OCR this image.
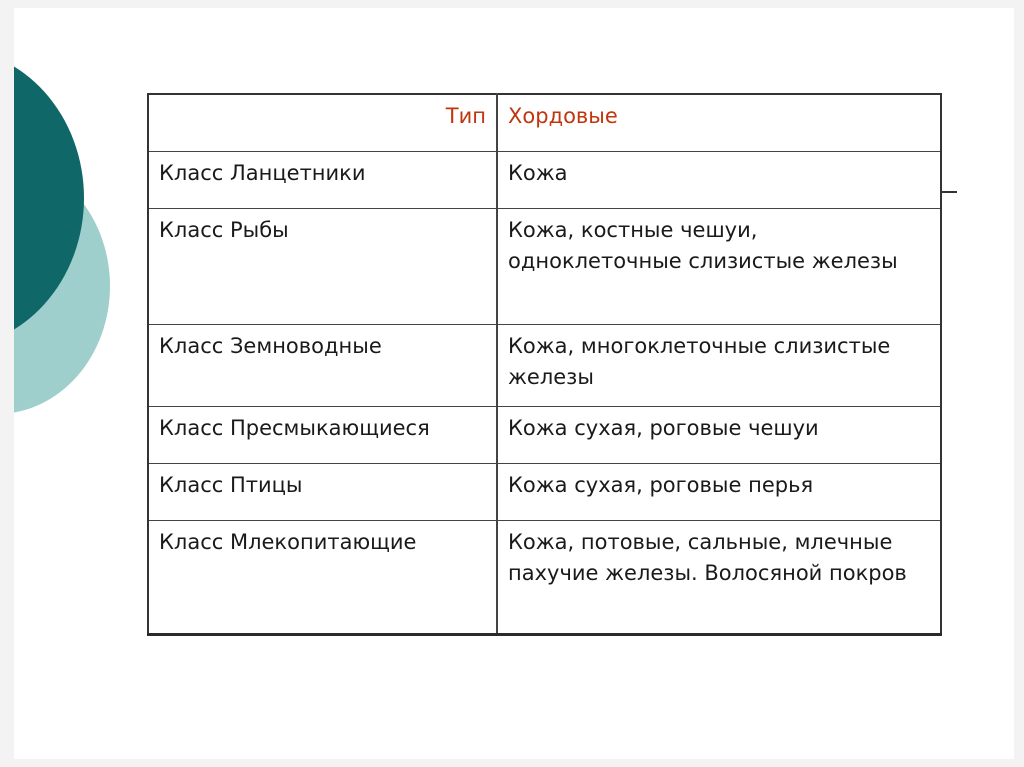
Тип	Хордовые
Класс Ланцетники	Кожа
Класс Рыбы	Кожа, костные чешуи, одноклеточные слизистые железы
Класс Земноводные	Кожа, многоклеточные слизистые железы
Класс Пресмыкающиеся	Кожа сухая, роговые чешуи
Класс Птицы	Кожа сухая, роговые перья
Класс Млекопитающие	Кожа, потовые, сальные, млечные пахучие железы. Волосяной покров
